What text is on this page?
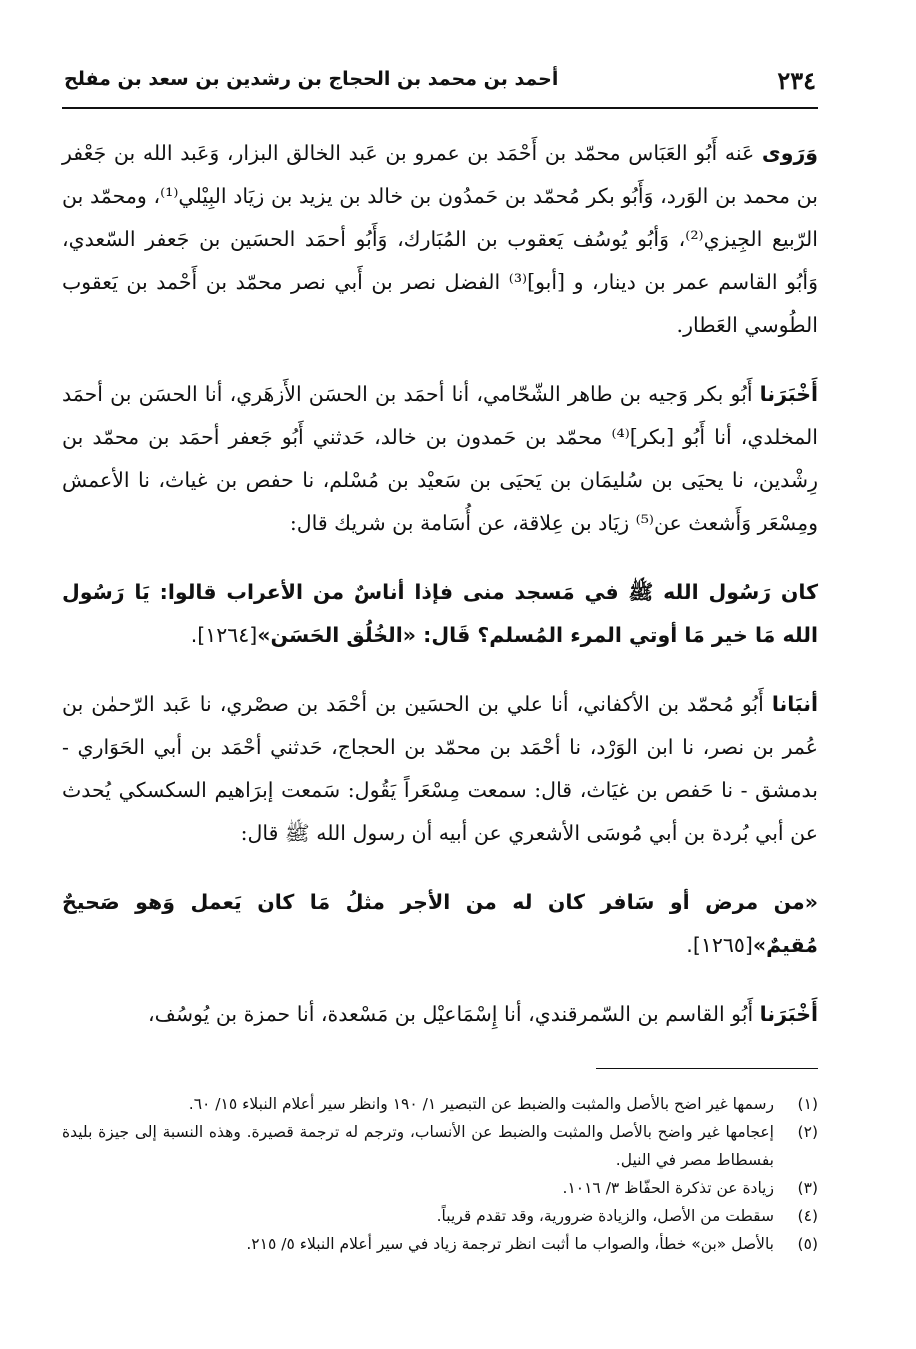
٢٣٤
أحمد بن محمد بن الحجاج بن رشدين بن سعد بن مفلح

وَرَوى عَنه أَبُو العَبَاس محمّد بن أَحْمَد بن عمرو بن عَبد الخالق البزار، وَعَبد الله بن جَعْفر بن محمد بن الوَرد، وَأَبُو بكر مُحمّد بن حَمدُون بن خالد بن يزيد بن زيَاد البِيْلي⁽¹⁾، ومحمّد بن الرّبيع الجِيزي⁽²⁾، وَأبُو يُوسُف يَعقوب بن المُبَارك، وَأَبُو أحمَد الحسَين بن جَعفر السّعدي، وَأبُو القاسم عمر بن دينار، و [أبو]⁽³⁾ الفضل نصر بن أَبي نصر محمّد بن أَحْمد بن يَعقوب الطُوسي العَطار.

أَخْبَرَنا أَبُو بكر وَجيه بن طاهر الشّحّامي، أنا أحمَد بن الحسَن الأَزهَري، أنا الحسَن بن أحمَد المخلدي، أنا أَبُو [بكر]⁽⁴⁾ محمّد بن حَمدون بن خالد، حَدثني أَبُو جَعفر أحمَد بن محمّد بن رِشْدين، نا يحيَى بن سُليمَان بن يَحيَى بن سَعيْد بن مُسْلم، نا حفص بن غياث، نا الأعمش ومِسْعَر وَأَشعث عن⁽⁵⁾ زيَاد بن عِلاقة، عن أُسَامة بن شريك قال:

كان رَسُول الله ﷺ في مَسجد منى فإذا أناسٌ من الأعراب قالوا: يَا رَسُول الله مَا خير مَا أوتي المرء المُسلم؟ قَال: «الخُلُق الحَسَن»[١٢٦٤].

أنبَانا أَبُو مُحمّد بن الأكفاني، أنا علي بن الحسَين بن أحْمَد بن صصْري، نا عَبد الرّحمٰن بن عُمر بن نصر، نا ابن الوَرْد، نا أحْمَد بن محمّد بن الحجاج، حَدثني أحْمَد بن أبي الحَوَاري - بدمشق - نا حَفص بن غيَاث، قال: سمعت مِسْعَراً يَقُول: سَمعت إبرَاهيم السكسكي يُحدث عن أبي بُردة بن أبي مُوسَى الأشعري عن أبيه أن رسول الله ﷺ قال:

«من مرض أو سَافر كان له من الأجر مثلُ مَا كان يَعمل وَهو صَحيحٌ مُقيمٌ»[١٢٦٥].

أَخْبَرَنا أَبُو القاسم بن السّمرقندي، أنا إِسْمَاعيْل بن مَسْعدة، أنا حمزة بن يُوسُف،

(١)
رسمها غير اضح بالأصل والمثبت والضبط عن التبصير ١/ ١٩٠ وانظر سير أعلام النبلاء ١٥/ ٦٠.
(٢)
إعجامها غير واضح بالأصل والمثبت والضبط عن الأنساب، وترجم له ترجمة قصيرة. وهذه النسبة إلى جيزة بليدة بفسطاط مصر في النيل.
(٣)
زيادة عن تذكرة الحفّاظ ٣/ ١٠١٦.
(٤)
سقطت من الأصل، والزيادة ضرورية، وقد تقدم قريباً.
(٥)
بالأصل «بن» خطأ، والصواب ما أثبت انظر ترجمة زياد في سير أعلام النبلاء ٥/ ٢١٥.
